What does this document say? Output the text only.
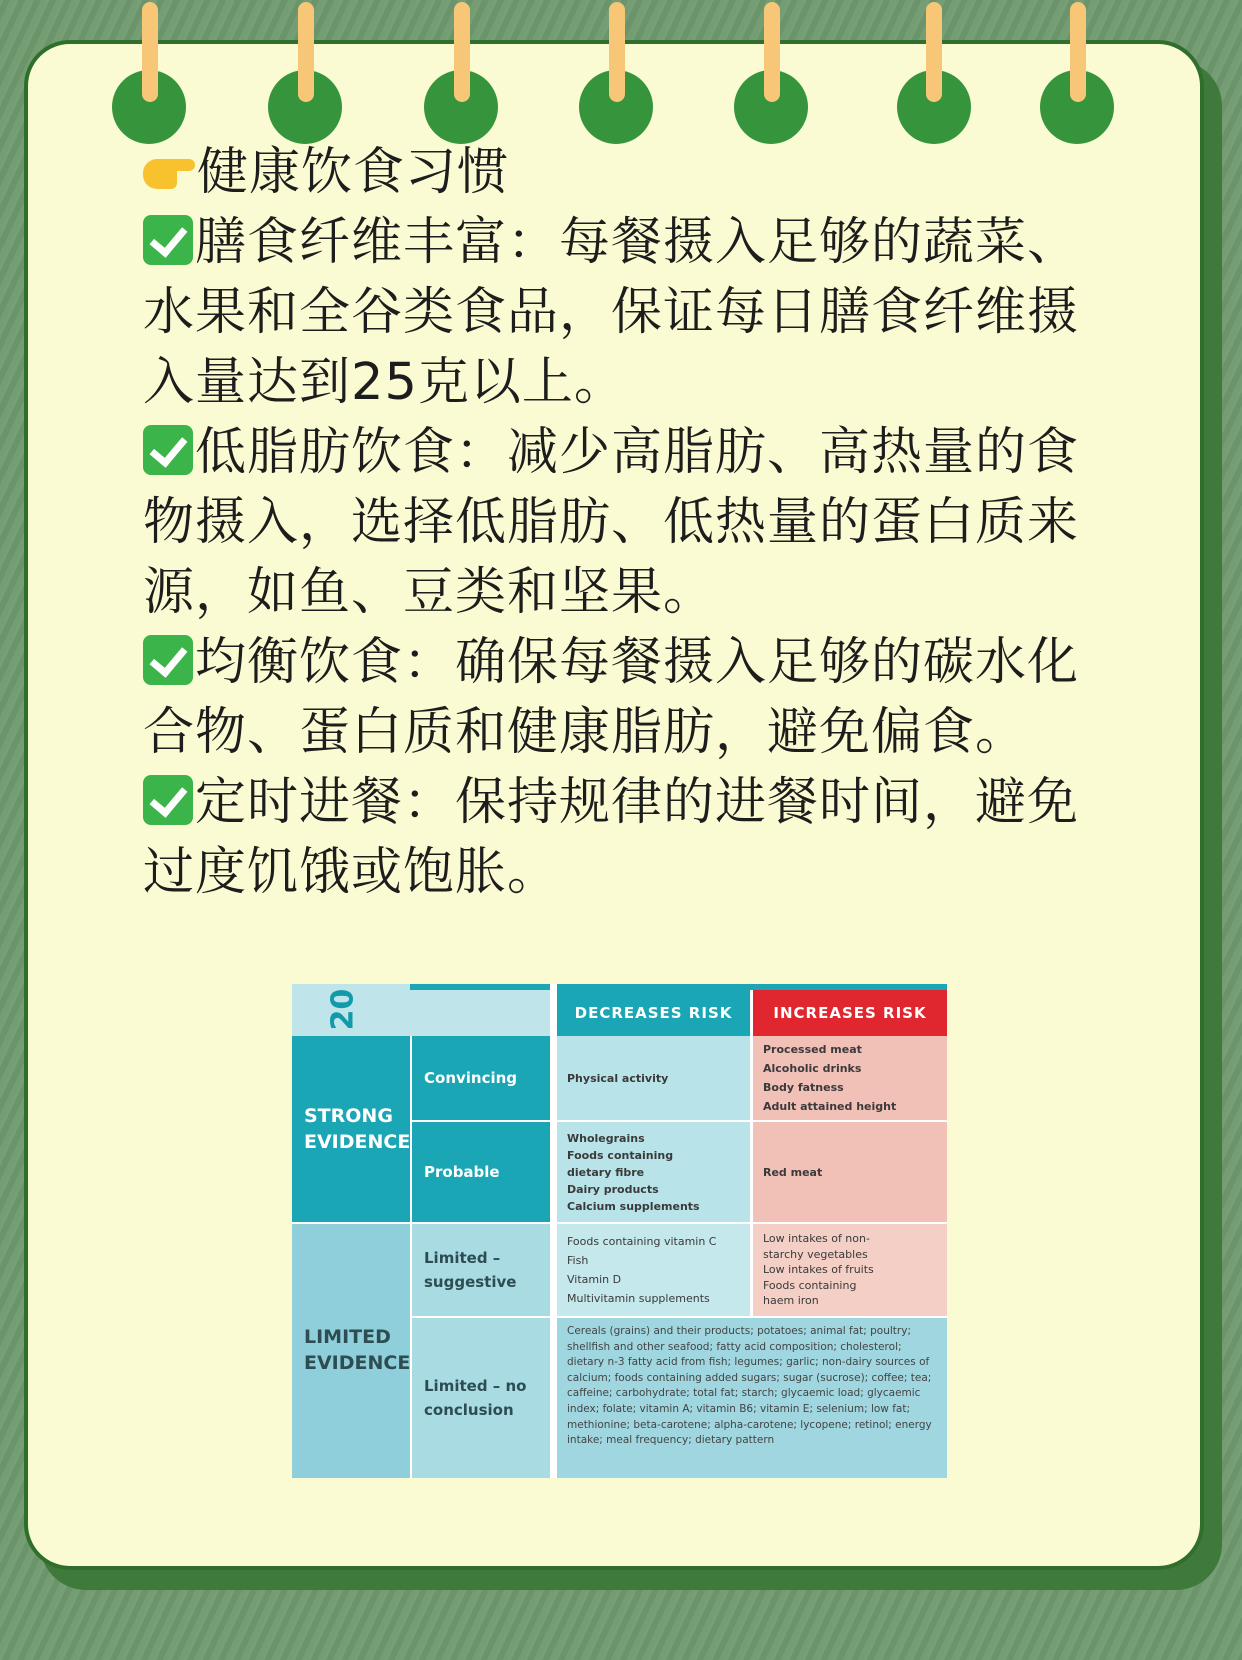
健康饮食习惯

膳食纤维丰富：每餐摄入足够的蔬菜、水果和全谷类食品，保证每日膳食纤维摄入量达到25克以上。

低脂肪饮食：减少高脂肪、高热量的食物摄入，选择低脂肪、低热量的蛋白质来源，如鱼、豆类和坚果。

均衡饮食：确保每餐摄入足够的碳水化合物、蛋白质和健康脂肪，避免偏食。

定时进餐：保持规律的进餐时间，避免过度饥饿或饱胀。

20	DECREASES RISK	INCREASES RISK
STRONG EVIDENCE
LIMITED EVIDENCE
Convincing
Probable
Limited – suggestive
Limited – no conclusion
Physical activity
Processed meat
Alcoholic drinks
Body fatness
Adult attained height
Wholegrains
Foods containing
dietary fibre
Dairy products
Calcium supplements
Red meat
Foods containing vitamin C
Fish
Vitamin D
Multivitamin supplements
Low intakes of non-
starchy vegetables
Low intakes of fruits
Foods containing
haem iron
Cereals (grains) and their products; potatoes; animal fat; poultry; shellfish and other seafood; fatty acid composition; cholesterol; dietary n-3 fatty acid from fish; legumes; garlic; non-dairy sources of calcium; foods containing added sugars; sugar (sucrose); coffee; tea; caffeine; carbohydrate; total fat; starch; glycaemic load; glycaemic index; folate; vitamin A; vitamin B6; vitamin E; selenium; low fat; methionine; beta-carotene; alpha-carotene; lycopene; retinol; energy intake; meal frequency; dietary pattern
